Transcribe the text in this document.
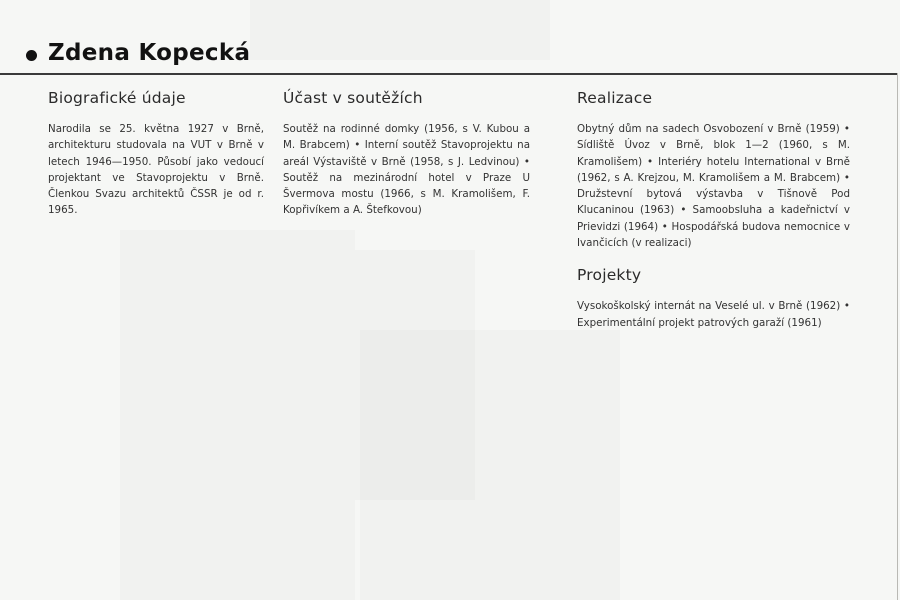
Zdena Kopecká
Biografické údaje

Narodila se 25. května 1927 v Brně, architekturu studovala na VUT v Brně v letech 1946—1950. Působí jako vedoucí projektant ve Stavoprojektu v Brně. Členkou Svazu architektů ČSSR je od r. 1965.

Účast v soutěžích

Soutěž na rodinné domky (1956, s V. Kubou a M. Brabcem) • Interní soutěž Stavoprojektu na areál Výstaviště v Brně (1958, s J. Ledvinou) • Soutěž na mezinárodní hotel v Praze U Švermova mostu (1966, s M. Kramolišem, F. Kopřivíkem a A. Štefkovou)

Realizace

Obytný dům na sadech Osvobození v Brně (1959) • Sídliště Úvoz v Brně, blok 1—2 (1960, s M. Kramolišem) • Interiéry hotelu International v Brně (1962, s A. Krejzou, M. Kramolišem a M. Brabcem) • Družstevní bytová výstavba v Tišnově Pod Klucaninou (1963) • Samoobsluha a kadeřnictví v Prievidzi (1964) • Hospodářská budova nemocnice v Ivančicích (v realizaci)

Projekty

Vysokoškolský internát na Veselé ul. v Brně (1962) • Experimentální projekt patrových garaží (1961)
